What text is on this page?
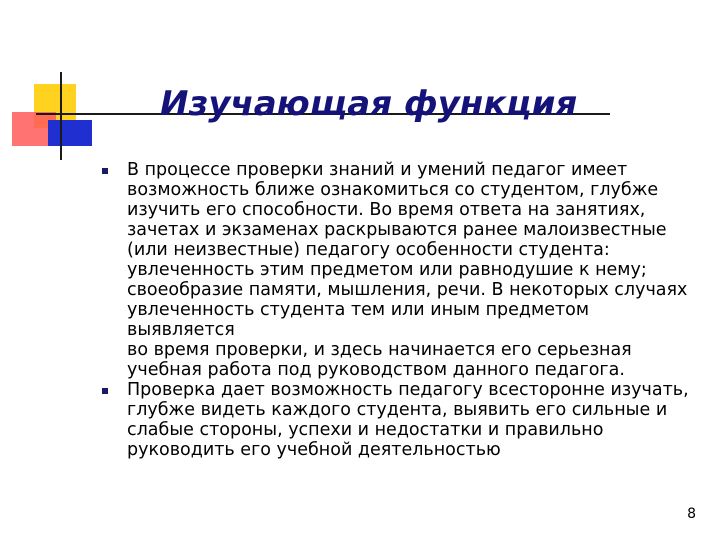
Изучающая функция
В процессе проверки знаний и умений педагог имеет
возможность ближе ознакомиться со студентом, глубже
изучить его способности. Во время ответа на занятиях,
зачетах и экзаменах раскрываются ранее малоизвестные
(или неизвестные) педагогу особенности студента:
увлеченность этим предметом или равнодушие к нему;
своеобразие памяти, мышления, речи. В некоторых случаях
увлеченность студента тем или иным предметом выявляется
во время проверки, и здесь начинается его серьезная
учебная работа под руководством данного педагога.
Проверка дает возможность педагогу всесторонне изучать,
глубже видеть каждого студента, выявить его сильные и
слабые стороны, успехи и недостатки и правильно
руководить его учебной деятельностью
8
